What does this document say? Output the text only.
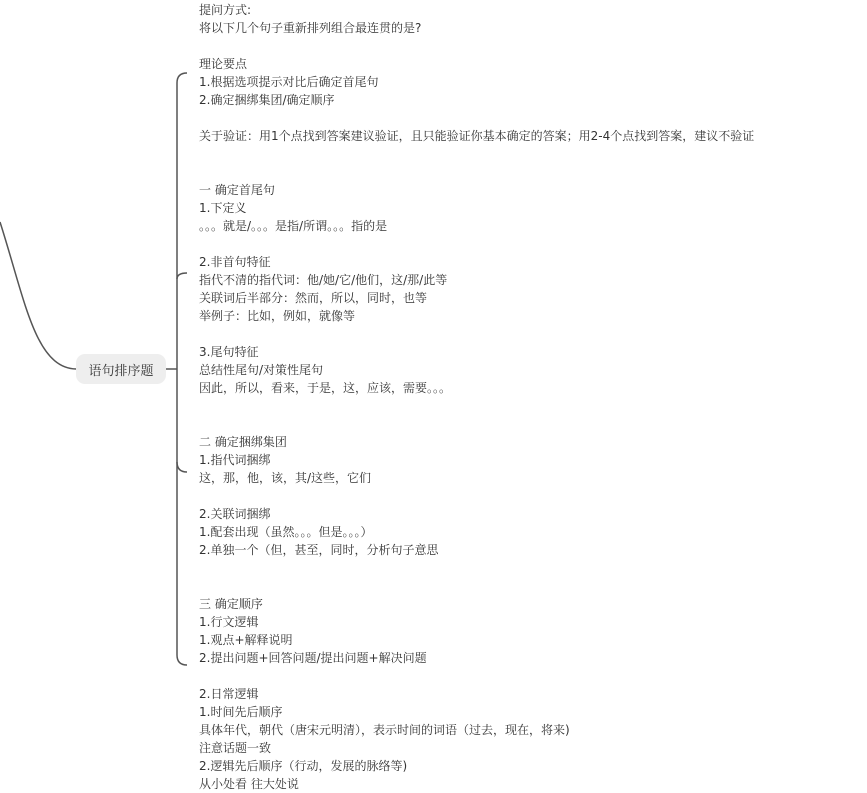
语句排序题
提问方式:
将以下几个句子重新排列组合最连贯的是?
理论要点
1.根据选项提示对比后确定首尾句
2.确定捆绑集团/确定顺序
关于验证：用1个点找到答案建议验证，且只能验证你基本确定的答案；用2-4个点找到答案，建议不验证
一 确定首尾句
1.下定义
。。。就是/。。。是指/所谓。。。指的是
2.非首句特征
指代不清的指代词：他/她/它/他们，这/那/此等
关联词后半部分：然而，所以，同时，也等
举例子：比如，例如，就像等
3.尾句特征
总结性尾句/对策性尾句
因此，所以，看来，于是，这，应该，需要。。。
二 确定捆绑集团
1.指代词捆绑
这，那，他，该，其/这些，它们
2.关联词捆绑
1.配套出现（虽然。。。但是。。。）
2.单独一个（但，甚至，同时，分析句子意思
三 确定顺序
1.行文逻辑
1.观点+解释说明
2.提出问题+回答问题/提出问题+解决问题
2.日常逻辑
1.时间先后顺序
具体年代，朝代（唐宋元明清），表示时间的词语（过去，现在，将来)
注意话题一致
2.逻辑先后顺序（行动，发展的脉络等)
从小处看 往大处说
